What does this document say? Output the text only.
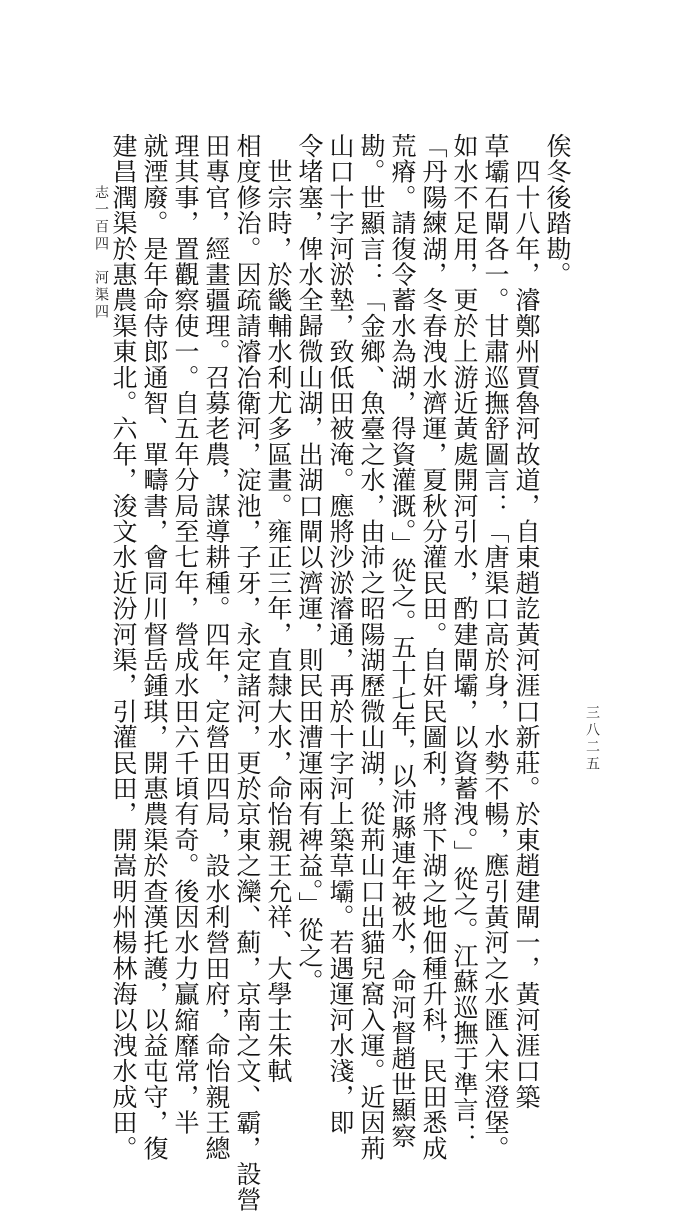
志一百四　河渠四	俟冬後踏勘。
　四十八年，濬鄭州賈魯河故道，自東趙訖黃河涯口新莊。於東趙建閘一，黃河涯口築
草壩石閘各一。甘肅巡撫舒圖言：「唐渠口高於身，水勢不暢，應引黃河之水匯入宋澄堡。
如水不足用，更於上游近黃處開河引水，酌建閘壩，以資蓄洩。」從之。江蘇巡撫于準言：
「丹陽練湖，冬春洩水濟運，夏秋分灌民田。自奸民圖利，將下湖之地佃種升科，民田悉成
荒瘠。請復令蓄水為湖，得資灌溉。」從之。五十七年，以沛縣連年被水，命河督趙世顯察
勘。世顯言：「金鄉、魚臺之水，由沛之昭陽湖歷微山湖，從荊山口出貓兒窩入運。近因荊
山口十字河淤墊，致低田被淹。應將沙淤濬通，再於十字河上築草壩。若遇運河水淺，即
令堵塞，俾水全歸微山湖，出湖口閘以濟運，則民田漕運兩有裨益。」從之。
　世宗時，於畿輔水利尤多區畫。雍正三年，直隸大水，命怡親王允祥、大學士朱軾
相度修治。因疏請濬冶衛河，淀池，子牙，永定諸河，更於京東之灤、薊，京南之文、霸，設營
田專官，經畫疆理。召募老農，謀導耕種。四年，定營田四局，設水利營田府，命怡親王總
理其事，置觀察使一。自五年分局至七年，營成水田六千頃有奇。後因水力贏縮靡常，半
就湮廢。是年命侍郎通智、單疇書，會同川督岳鍾琪，開惠農渠於查漢托護，以益屯守，復
建昌潤渠於惠農渠東北。六年，浚文水近汾河渠，引灌民田，開嵩明州楊林海以洩水成田。	三八二五
